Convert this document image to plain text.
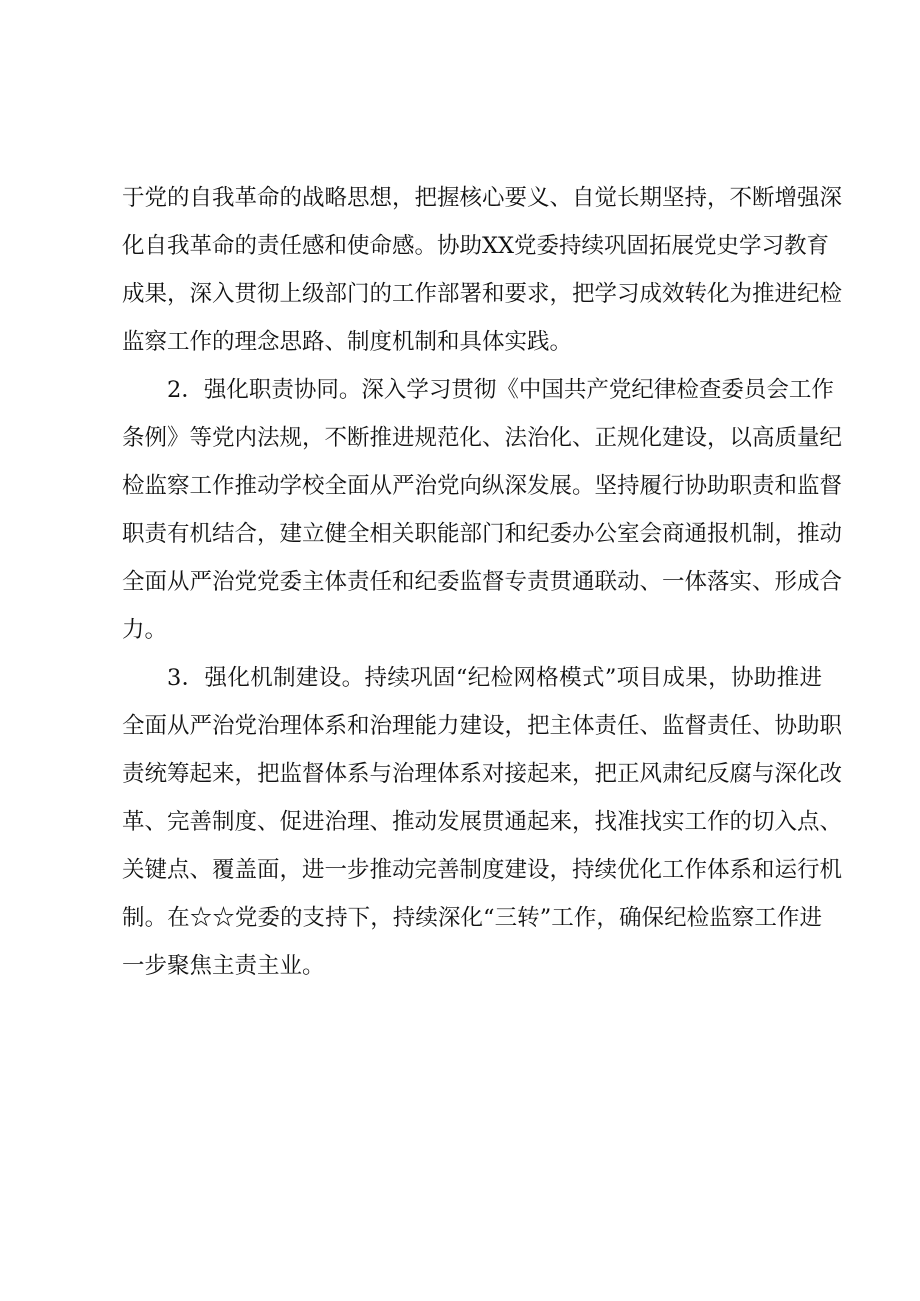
于党的自我革命的战略思想，把握核心要义、自觉长期坚持，不断增强深
化自我革命的责任感和使命感。协助XX党委持续巩固拓展党史学习教育
成果，深入贯彻上级部门的工作部署和要求，把学习成效转化为推进纪检
监察工作的理念思路、制度机制和具体实践。
2．强化职责协同。深入学习贯彻《中国共产党纪律检查委员会工作
条例》等党内法规，不断推进规范化、法治化、正规化建设，以高质量纪
检监察工作推动学校全面从严治党向纵深发展。坚持履行协助职责和监督
职责有机结合，建立健全相关职能部门和纪委办公室会商通报机制，推动
全面从严治党党委主体责任和纪委监督专责贯通联动、一体落实、形成合
力。
3．强化机制建设。持续巩固“纪检网格模式”项目成果，协助推进
全面从严治党治理体系和治理能力建设，把主体责任、监督责任、协助职
责统筹起来，把监督体系与治理体系对接起来，把正风肃纪反腐与深化改
革、完善制度、促进治理、推动发展贯通起来，找准找实工作的切入点、
关键点、覆盖面，进一步推动完善制度建设，持续优化工作体系和运行机
制。在☆☆党委的支持下，持续深化“三转”工作，确保纪检监察工作进
一步聚焦主责主业。
